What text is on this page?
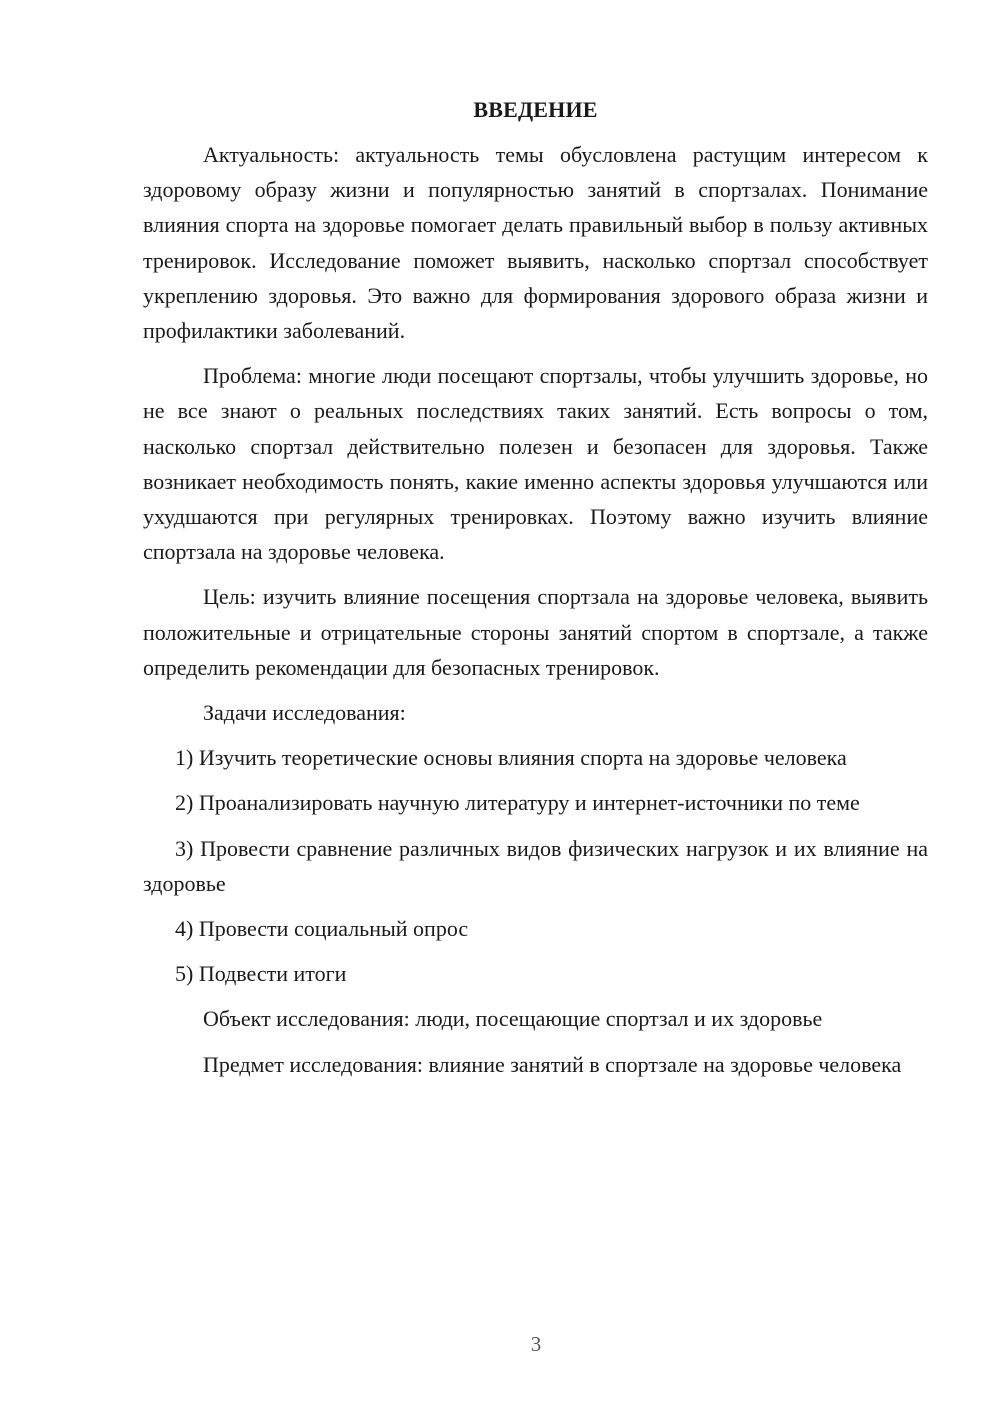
ВВЕДЕНИЕ

Актуальность: актуальность темы обусловлена растущим интересом к здоровому образу жизни и популярностью занятий в спортзалах. Понимание влияния спорта на здоровье помогает делать правильный выбор в пользу активных тренировок. Исследование поможет выявить, насколько спортзал способствует укреплению здоровья. Это важно для формирования здорового образа жизни и профилактики заболеваний.

Проблема: многие люди посещают спортзалы, чтобы улучшить здоровье, но не все знают о реальных последствиях таких занятий. Есть вопросы о том, насколько спортзал действительно полезен и безопасен для здоровья. Также возникает необходимость понять, какие именно аспекты здоровья улучшаются или ухудшаются при регулярных тренировках. Поэтому важно изучить влияние спортзала на здоровье человека.

Цель: изучить влияние посещения спортзала на здоровье человека, выявить положительные и отрицательные стороны занятий спортом в спортзале, а также определить рекомендации для безопасных тренировок.

Задачи исследования:

1) Изучить теоретические основы влияния спорта на здоровье человека

2) Проанализировать научную литературу и интернет-источники по теме

3) Провести сравнение различных видов физических нагрузок и их влияние на здоровье

4) Провести социальный опрос

5) Подвести итоги

Объект исследования: люди, посещающие спортзал и их здоровье

Предмет исследования: влияние занятий в спортзале на здоровье человека

3
